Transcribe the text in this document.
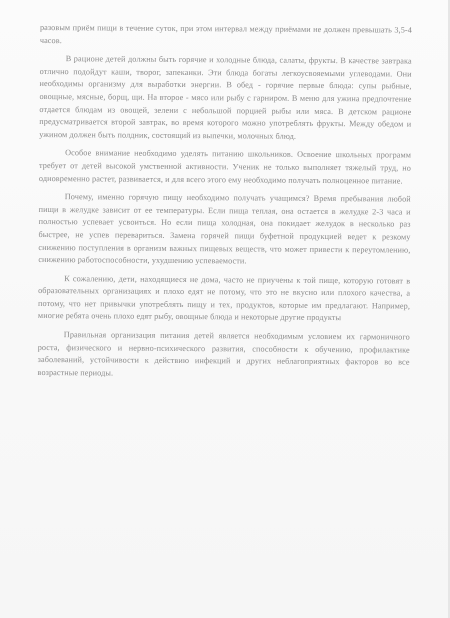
разовым приём пищи в течение суток, при этом интервал между приёмами не должен превышать 3,5-4 часов.

В рационе детей должны быть горячие и холодные блюда, салаты, фрукты. В качестве завтрака отлично подойдут каши, творог, запеканки. Эти блюда богаты легкоусвояемыми углеводами. Они необходимы организму для выработки энергии. В обед - горячие первые блюда: супы рыбные, овощные, мясные, борщ, щи. На второе - мясо или рыбу с гарниром. В меню для ужина предпочтение отдается блюдам из овощей, зелени с небольшой порцией рыбы или мяса. В детском рационе предусматривается второй завтрак, во время которого можно употреблять фрукты. Между обедом и ужином должен быть полдник, состоящий из выпечки, молочных блюд.

Особое внимание необходимо уделять питанию школьников. Освоение школьных программ требует от детей высокой умственной активности. Ученик не только выполняет тяжелый труд, но одновременно растет, развивается, и для всего этого ему необходимо получать полноценное питание.

Почему, именно горячую пищу необходимо получать учащимся? Время пребывания любой пищи в желудке зависит от ее температуры. Если пища теплая, она остается в желудке 2-3 часа и полностью успевает усвоиться. Но если пища холодная, она покидает желудок в несколько раз быстрее, не успев перевариться. Замена горячей пищи буфетной продукцией ведет к резкому снижению поступления в организм важных пищевых веществ, что может привести к переутомлению, снижению работоспособности, ухудшению успеваемости.

К сожалению, дети, находящиеся не дома, часто не приучены к той пище, которую готовят в образовательных организациях и плохо едят не потому, что это не вкусно или плохого качества, а потому, что нет привычки употреблять пищу и тех, продуктов, которые им предлагают. Например, многие ребята очень плохо едят рыбу, овощные блюда и некоторые другие продукты

Правильная организация питания детей является необходимым условием их гармоничного роста, физического и нервно-психического развития, способности к обучению, профилактике заболеваний, устойчивости к действию инфекций и других неблагоприятных факторов во все возрастные периоды.
